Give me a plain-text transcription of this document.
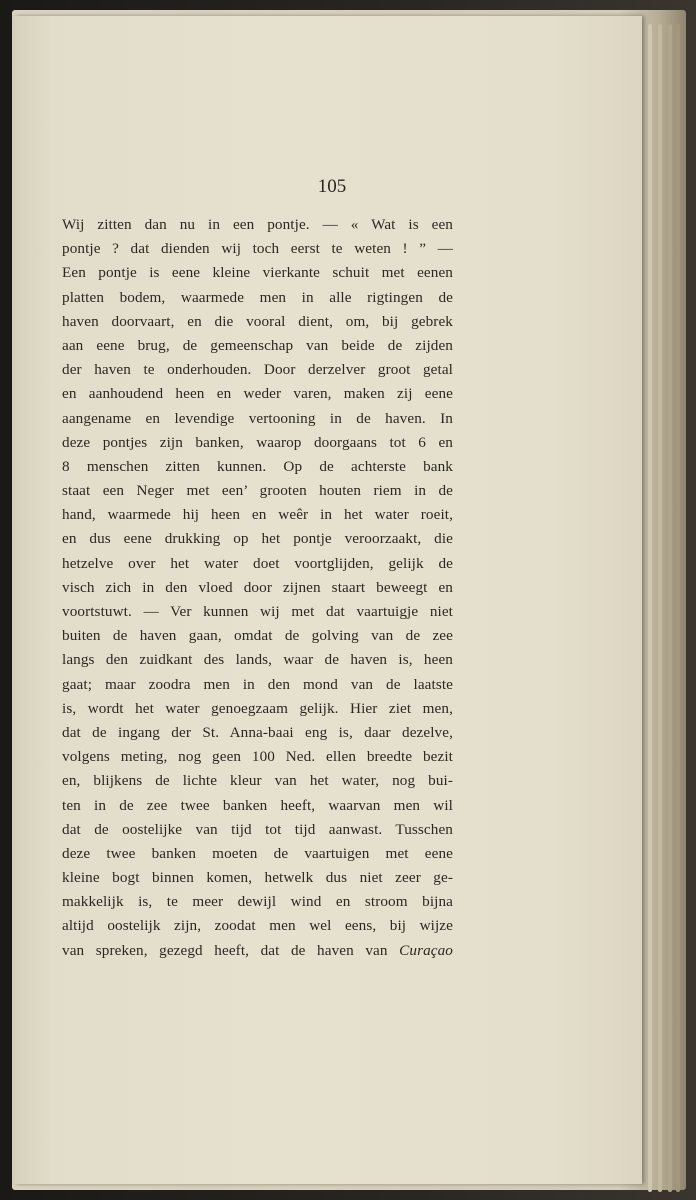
105

Wij zitten dan nu in een pontje. — « Wat is een
pontje ? dat dienden wij toch eerst te weten ! ” —
Een pontje is eene kleine vierkante schuit met eenen
platten bodem, waarmede men in alle rigtingen de
haven doorvaart, en die vooral dient, om, bij gebrek
aan eene brug, de gemeenschap van beide de zijden
der haven te onderhouden. Door derzelver groot getal
en aanhoudend heen en weder varen, maken zij eene
aangename en levendige vertooning in de haven. In
deze pontjes zijn banken, waarop doorgaans tot 6 en
8 menschen zitten kunnen. Op de achterste bank
staat een Neger met een’ grooten houten riem in de
hand, waarmede hij heen en weêr in het water roeit,
en dus eene drukking op het pontje veroorzaakt, die
hetzelve over het water doet voortglijden, gelijk de
visch zich in den vloed door zijnen staart beweegt en
voortstuwt. — Ver kunnen wij met dat vaartuigje niet
buiten de haven gaan, omdat de golving van de zee
langs den zuidkant des lands, waar de haven is, heen
gaat; maar zoodra men in den mond van de laatste
is, wordt het water genoegzaam gelijk. Hier ziet men,
dat de ingang der St. Anna-baai eng is, daar dezelve,
volgens meting, nog geen 100 Ned. ellen breedte bezit
en, blijkens de lichte kleur van het water, nog bui-
ten in de zee twee banken heeft, waarvan men wil
dat de oostelijke van tijd tot tijd aanwast. Tusschen
deze twee banken moeten de vaartuigen met eene
kleine bogt binnen komen, hetwelk dus niet zeer ge-
makkelijk is, te meer dewijl wind en stroom bijna
altijd oostelijk zijn, zoodat men wel eens, bij wijze
van spreken, gezegd heeft, dat de haven van Curaçao
